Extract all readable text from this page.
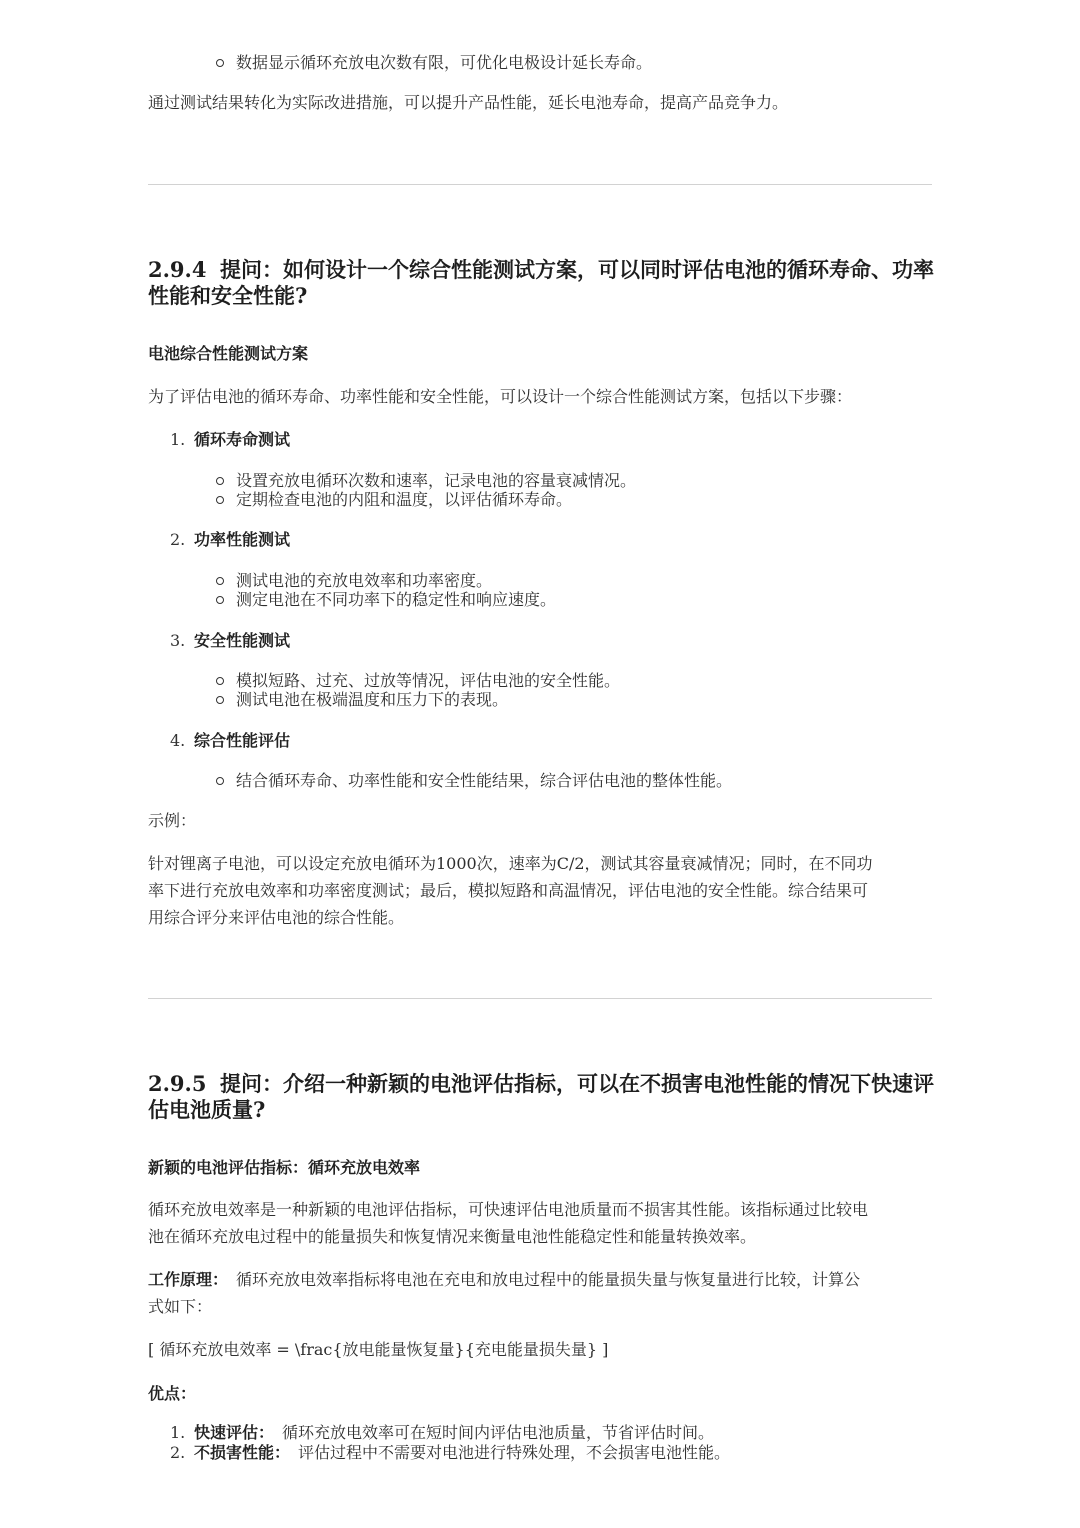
数据显示循环充放电次数有限，可优化电极设计延长寿命。

通过测试结果转化为实际改进措施，可以提升产品性能，延长电池寿命，提高产品竞争力。

2.9.4 提问：如何设计一个综合性能测试方案，可以同时评估电池的循环寿命、功率
性能和安全性能?

电池综合性能测试方案

为了评估电池的循环寿命、功率性能和安全性能，可以设计一个综合性能测试方案，包括以下步骤：

1. 循环寿命测试
设置充放电循环次数和速率，记录电池的容量衰减情况。
定期检查电池的内阻和温度，以评估循环寿命。
2. 功率性能测试
测试电池的充放电效率和功率密度。
测定电池在不同功率下的稳定性和响应速度。
3. 安全性能测试
模拟短路、过充、过放等情况，评估电池的安全性能。
测试电池在极端温度和压力下的表现。
4. 综合性能评估
结合循环寿命、功率性能和安全性能结果，综合评估电池的整体性能。

示例：

针对锂离子电池，可以设定充放电循环为1000次，速率为C/2，测试其容量衰减情况；同时，在不同功
率下进行充放电效率和功率密度测试；最后，模拟短路和高温情况，评估电池的安全性能。综合结果可
用综合评分来评估电池的综合性能。
2.9.5 提问：介绍一种新颖的电池评估指标，可以在不损害电池性能的情况下快速评
估电池质量?

新颖的电池评估指标：循环充放电效率

循环充放电效率是一种新颖的电池评估指标，可快速评估电池质量而不损害其性能。该指标通过比较电
池在循环充放电过程中的能量损失和恢复情况来衡量电池性能稳定性和能量转换效率。
工作原理： 循环充放电效率指标将电池在充电和放电过程中的能量损失量与恢复量进行比较，计算公
式如下：

[ 循环充放电效率 = \frac{放电能量恢复量}{充电能量损失量} ]

优点：

1. 快速评估： 循环充放电效率可在短时间内评估电池质量，节省评估时间。
2. 不损害性能： 评估过程中不需要对电池进行特殊处理，不会损害电池性能。
